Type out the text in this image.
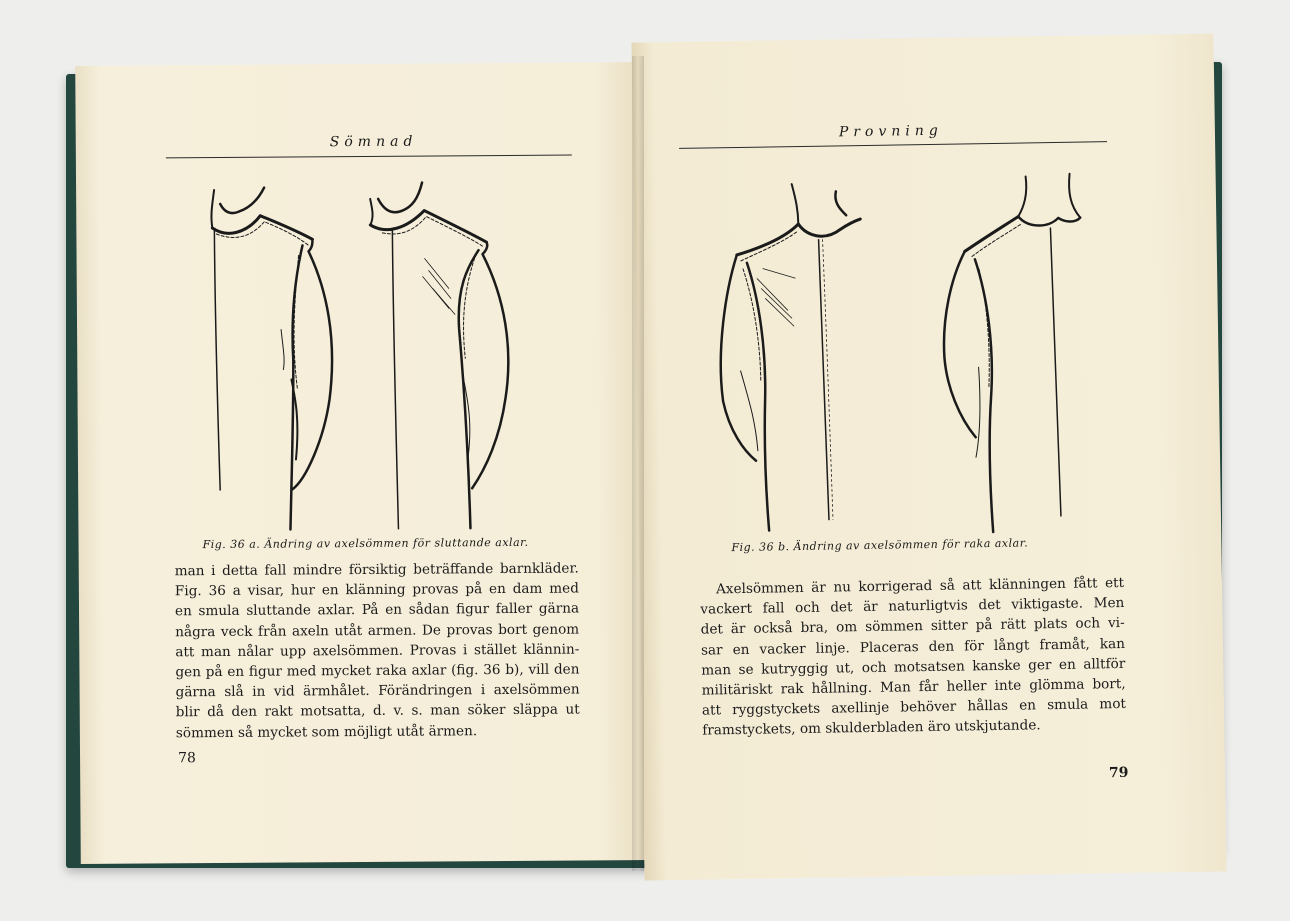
Sömnad
Fig. 36 a. Ändring av axelsömmen för sluttande axlar.
man i detta fall mindre försiktig beträffande barnkläder.
Fig. 36 a visar, hur en klänning provas på en dam med
en smula sluttande axlar. På en sådan figur faller gärna
några veck från axeln utåt armen. De provas bort genom
att man nålar upp axelsömmen. Provas i stället klännin-
gen på en figur med mycket raka axlar (fig. 36 b), vill den
gärna slå in vid ärmhålet. Förändringen i axelsömmen
blir då den rakt motsatta, d. v. s. man söker släppa ut
sömmen så mycket som möjligt utåt ärmen.
78
Provning
Fig. 36 b. Ändring av axelsömmen för raka axlar.
Axelsömmen är nu korrigerad så att klänningen fått ett
vackert fall och det är naturligtvis det viktigaste. Men
det är också bra, om sömmen sitter på rätt plats och vi-
sar en vacker linje. Placeras den för långt framåt, kan
man se kutryggig ut, och motsatsen kanske ger en alltför
militäriskt rak hållning. Man får heller inte glömma bort,
att ryggstyckets axellinje behöver hållas en smula mot
framstyckets, om skulderbladen äro utskjutande.
79
